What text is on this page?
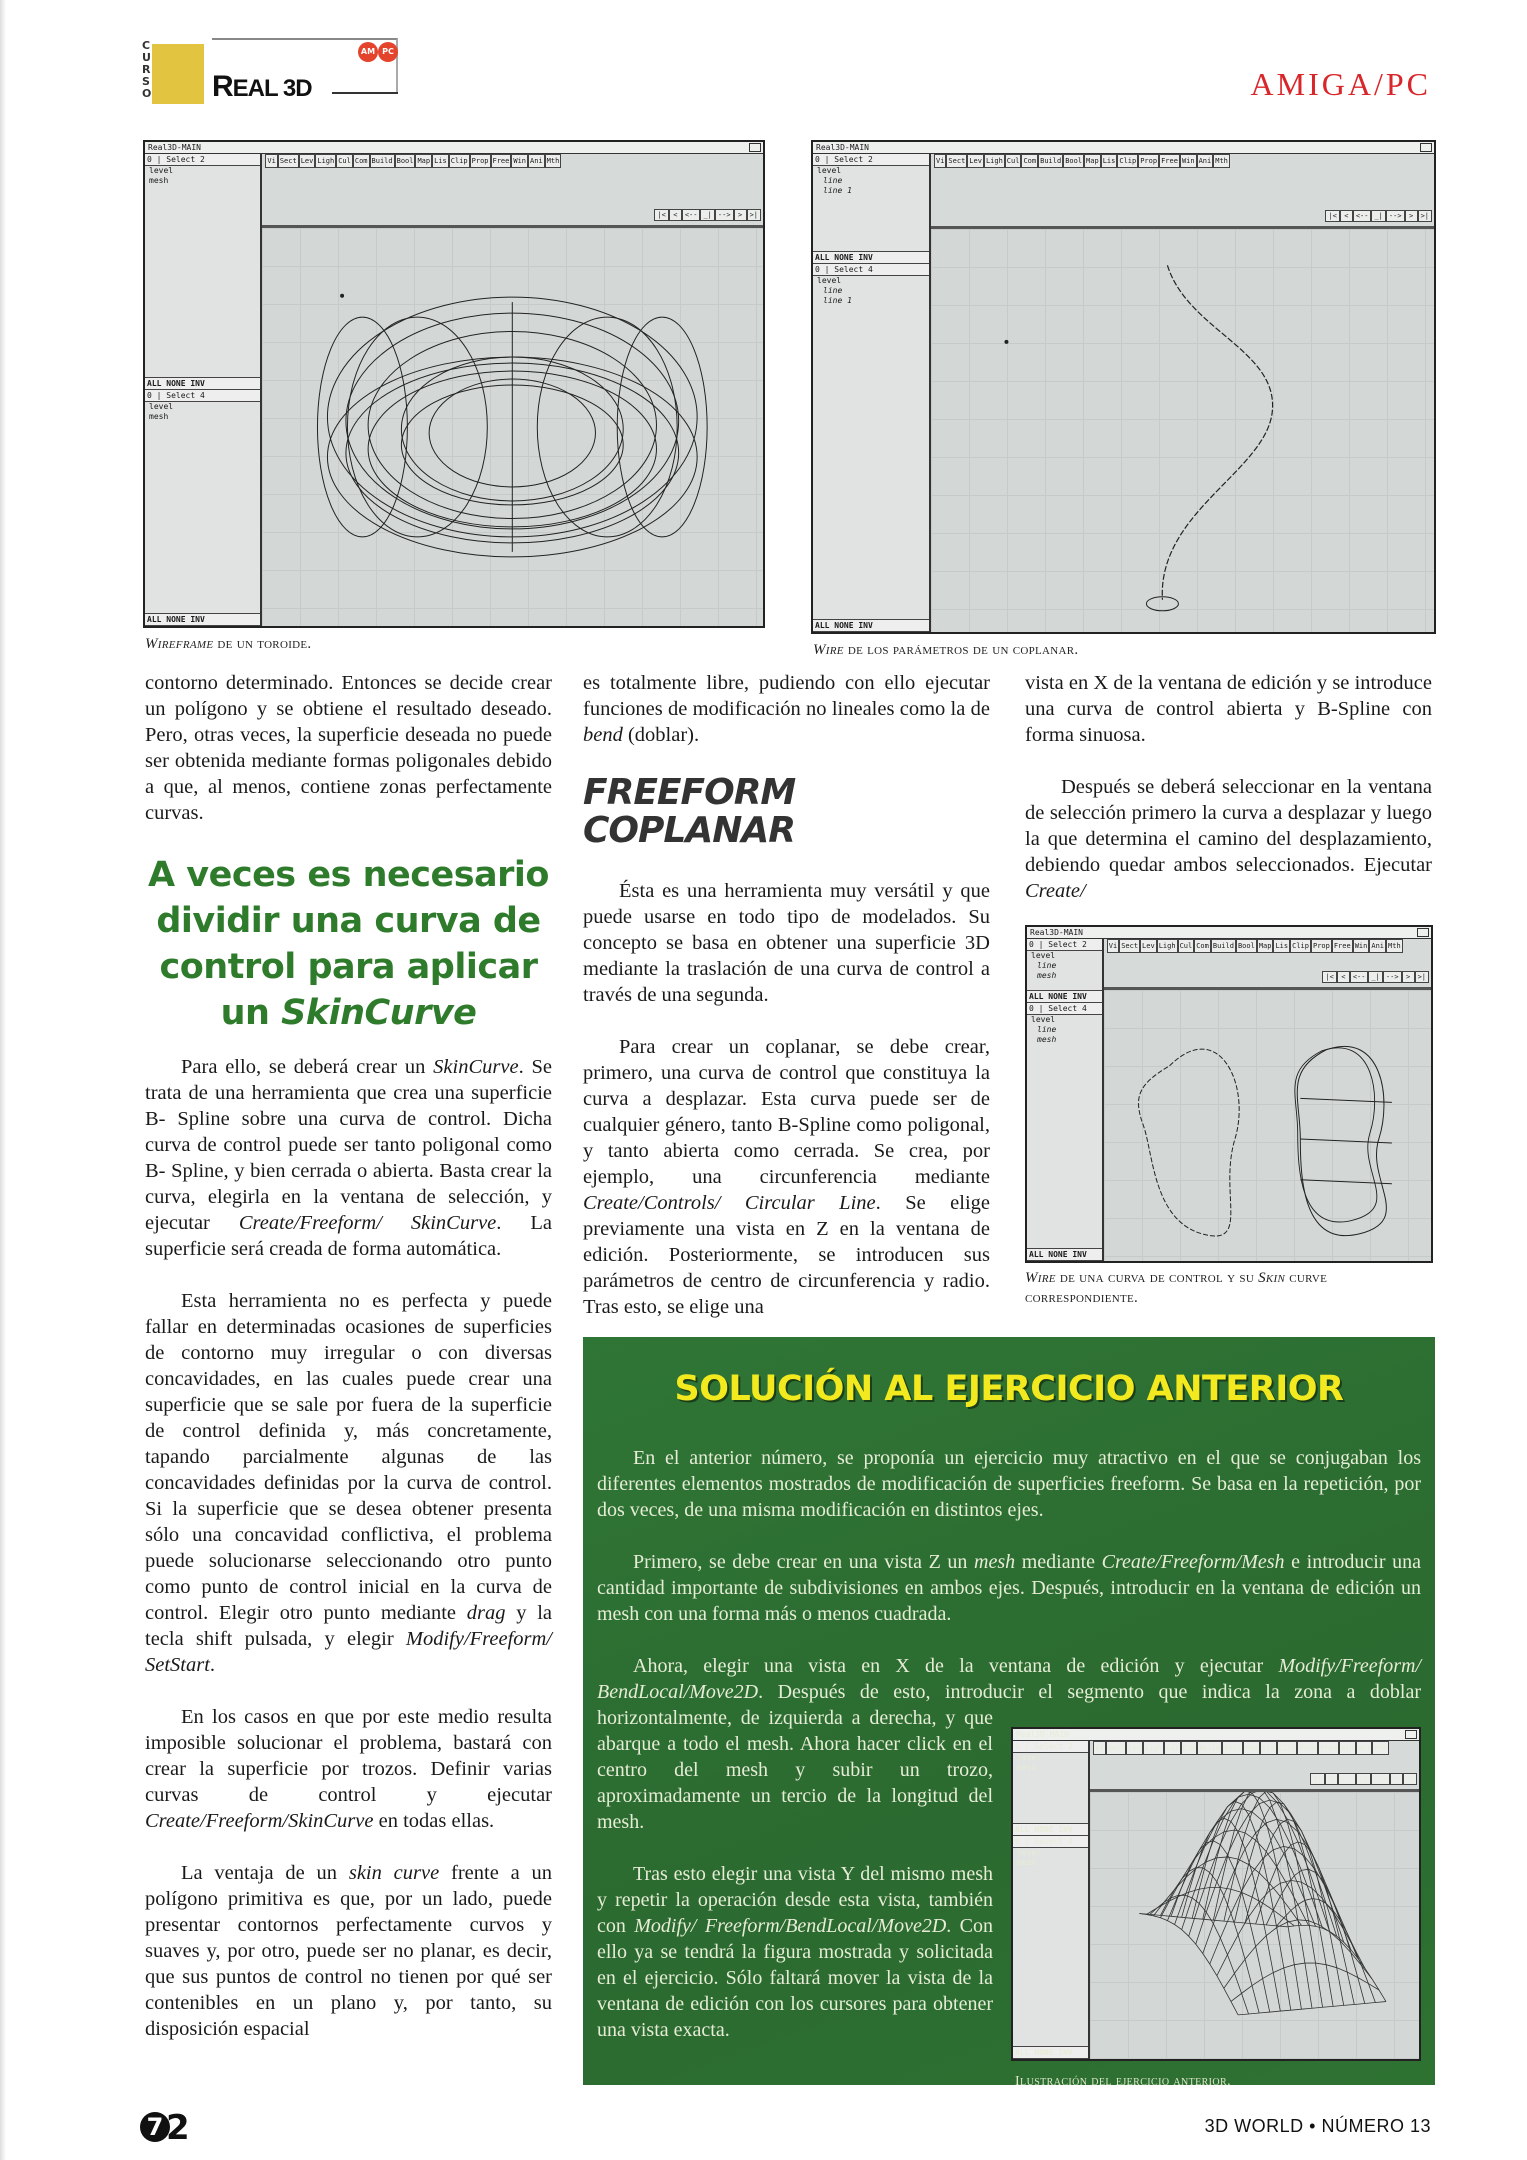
CURSO REAL 3D
AM PC
AMIGA/PC
Real3D-MAIN
0 | Select 2
level
mesh
ALL NONE INV
0 | Select 4
level
mesh
ALL NONE INV
Vi Sect Lev Ligh Cul Com Build Bool Map Lis Clip Prop Free Win Ani Mth
|<	<	<-- _| -->	>	>|
Wireframe de un toroide.
Real3D-MAIN
0 | Select 2
level
line
line 1
ALL NONE INV
0 | Select 4
level
line
line 1
ALL NONE INV
Vi Sect Lev Ligh Cul Com Build Bool Map Lis Clip Prop Free Win Ani Mth
|<	<	<-- _| -->	>	>|
Wire de los parámetros de un coplanar.

contorno determinado. Entonces se decide crear un polígono y se obtiene el resultado deseado. Pero, otras veces, la superficie deseada no puede ser obtenida mediante formas poligonales debido a que, al menos, contiene zonas perfectamente curvas.

A veces es necesario dividir una curva de control para aplicar un SkinCurve

Para ello, se deberá crear un SkinCurve. Se trata de una herramienta que crea una superficie B- Spline sobre una curva de control. Dicha curva de control puede ser tanto poligonal como B- Spline, y bien cerrada o abierta. Basta crear la curva, elegirla en la ventana de selección, y ejecutar Create/Freeform/ SkinCurve. La superficie será creada de forma automática.

Esta herramienta no es perfecta y puede fallar en determinadas ocasiones de superficies de contorno muy irregular o con diversas concavidades, en las cuales puede crear una superficie que se sale por fuera de la superficie de control definida y, más concretamente, tapando parcialmente algunas de las concavidades definidas por la curva de control. Si la superficie que se desea obtener presenta sólo una concavidad conflictiva, el problema puede solucionarse seleccionando otro punto como punto de control inicial en la curva de control. Elegir otro punto mediante drag y la tecla shift pulsada, y elegir Modify/Freeform/ SetStart.

En los casos en que por este medio resulta imposible solucionar el problema, bastará con crear la superficie por trozos. Definir varias curvas de control y ejecutar Create/Freeform/SkinCurve en todas ellas.

La ventaja de un skin curve frente a un polígono primitiva es que, por un lado, puede presentar contornos perfectamente curvos y suaves y, por otro, puede ser no planar, es decir, que sus puntos de control no tienen por qué ser contenibles en un plano y, por tanto, su disposición espacial

es totalmente libre, pudiendo con ello ejecutar funciones de modificación no lineales como la de bend (doblar).

FREEFORM COPLANAR

Ésta es una herramienta muy versátil y que puede usarse en todo tipo de modelados. Su concepto se basa en obtener una superficie 3D mediante la traslación de una curva de control a través de una segunda.

Para crear un coplanar, se debe crear, primero, una curva de control que constituya la curva a desplazar. Esta curva puede ser de cualquier género, tanto B-Spline como poligonal, y tanto abierta como cerrada. Se crea, por ejemplo, una circunferencia mediante Create/Controls/ Circular Line. Se elige previamente una vista en Z en la ventana de edición. Posteriormente, se introducen sus parámetros de centro de circunferencia y radio. Tras esto, se elige una

vista en X de la ventana de edición y se introduce una curva de control abierta y B-Spline con forma sinuosa.

Después se deberá seleccionar en la ventana de selección primero la curva a desplazar y luego la que determina el camino del desplazamiento, debiendo quedar ambos seleccionados. Ejecutar Create/

Real3D-MAIN
0 | Select 2
level
line
mesh
ALL NONE INV
0 | Select 4
level
line
mesh
ALL NONE INV
Vi Sect Lev Ligh Cul Com Build Bool Map Lis Clip Prop Free Win Ani Mth
|<	<	<-- _| -->	>	>|
Wire de una curva de control y su Skin curve correspondiente.
Real3D-MAIN
0 | Select 2
level
mesh
ALL NONE INV
0 | Select 4
level
mesh
ALL NONE INV
Vi Sect Lev Ligh Cul Com Build Bool Map Lis Clip Prop Free Win Ani Mth
|<	<	<-- _| -->	>	>|
Ilustración del ejercicio anterior.
SOLUCIÓN AL EJERCICIO ANTERIOR

En el anterior número, se proponía un ejercicio muy atractivo en el que se conjugaban los diferentes elementos mostrados de modificación de superficies freeform. Se basa en la repetición, por dos veces, de una misma modificación en distintos ejes.

Primero, se debe crear en una vista Z un mesh mediante Create/Freeform/Mesh e introducir una cantidad importante de subdivisiones en ambos ejes. Después, introducir en la ventana de edición un mesh con una forma más o menos cuadrada.

Ahora, elegir una vista en X de la ventana de edición y ejecutar Modify/Freeform/ BendLocal/Move2D. Después de esto, introducir el segmento que indica la zona a doblar horizontalmente, de izquierda a derecha, y que abarque a todo el mesh. Ahora hacer click en el centro del mesh y subir un trozo, aproximadamente un tercio de la longitud del mesh.

Tras esto elegir una vista Y del mismo mesh y repetir la operación desde esta vista, también con Modify/ Freeform/BendLocal/Move2D. Con ello ya se tendrá la figura mostrada y solicitada en el ejercicio. Sólo faltará mover la vista de la ventana de edición con los cursores para obtener una vista exacta.

72	3D WORLD • NÚMERO 13
